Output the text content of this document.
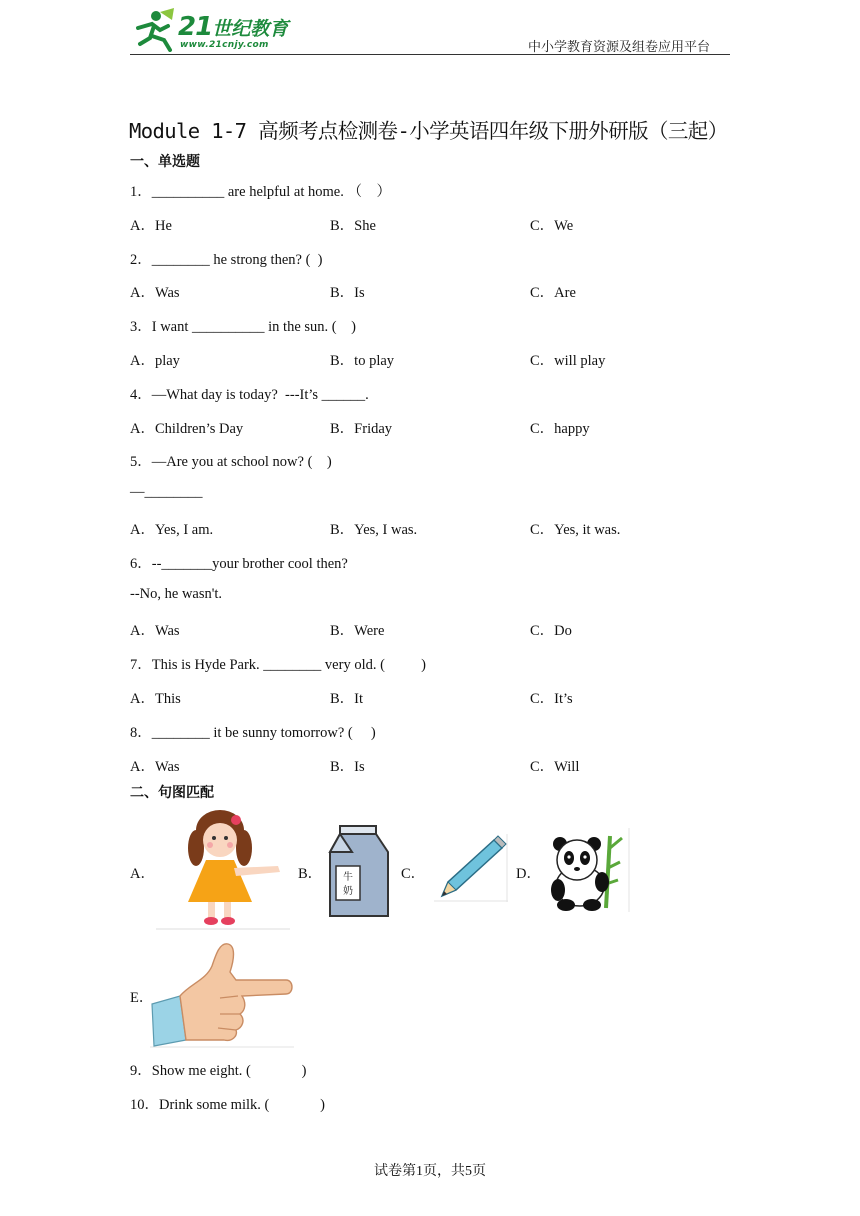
21世纪教育
www.21cnjy.com	中小学教育资源及组卷应用平台
Module 1-7 高频考点检测卷-小学英语四年级下册外研版（三起）
一、单选题
1．__________ are helpful at home. （　）
A．He	B．She	C．We
2．________ he strong then? (  )
A．Was	B．Is	C．Are
3．I want __________ in the sun. (    )
A．play	B．to play	C．will play
4．—What day is today?  ---It’s ______.
A．Children’s Day	B．Friday	C．happy
5．—Are you at school now? (    )
—________
A．Yes, I am.	B．Yes, I was.	C．Yes, it was.
6．--_______your brother cool then?
--No, he wasn't.
A．Was	B．Were	C．Do
7．This is Hyde Park. ________ very old. (          )
A．This	B．It	C．It’s
8．________ it be sunny tomorrow? (     )
A．Was	B．Is	C．Will
二、句图匹配
A．	B． 牛
奶
C．	D．
E．
9．Show me eight. (              )
10．Drink some milk. (              )
试卷第1页，共5页
